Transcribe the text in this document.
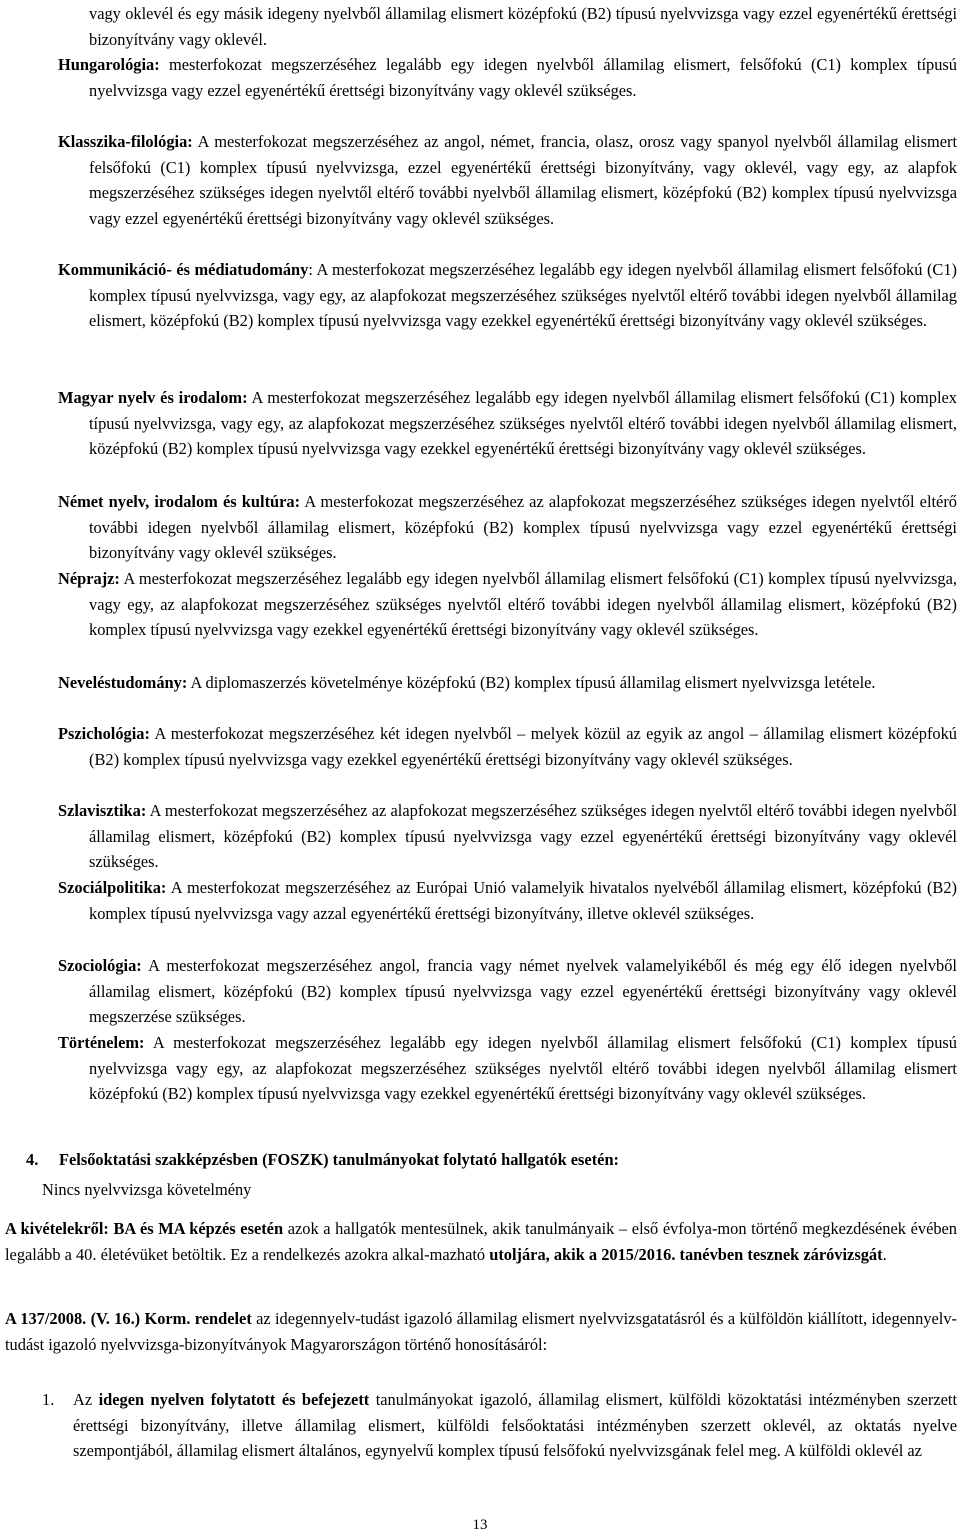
vagy oklevél és egy másik idegeny nyelvből államilag elismert középfokú (B2) típusú nyelvvizsga vagy ezzel egyenértékű érettségi bizonyítvány vagy oklevél.
Hungarológia: mesterfokozat megszerzéséhez legalább egy idegen nyelvből államilag elismert, felsőfokú (C1) komplex típusú nyelvvizsga vagy ezzel egyenértékű érettségi bizonyítvány vagy oklevél szükséges.
Klasszika-filológia: A mesterfokozat megszerzéséhez az angol, német, francia, olasz, orosz vagy spanyol nyelvből államilag elismert felsőfokú (C1) komplex típusú nyelvvizsga, ezzel egyenértékű érettségi bizonyítvány, vagy oklevél, vagy egy, az alapfok megszerzéséhez szükséges idegen nyelvtől eltérő további nyelvből államilag elismert, középfokú (B2) komplex típusú nyelvvizsga vagy ezzel egyenértékű érettségi bizonyítvány vagy oklevél szükséges.
Kommunikáció- és médiatudomány: A mesterfokozat megszerzéséhez legalább egy idegen nyelvből államilag elismert felsőfokú (C1) komplex típusú nyelvvizsga, vagy egy, az alapfokozat megszerzéséhez szükséges nyelvtől eltérő további idegen nyelvből államilag elismert, középfokú (B2) komplex típusú nyelvvizsga vagy ezekkel egyenértékű érettségi bizonyítvány vagy oklevél szükséges.
Magyar nyelv és irodalom: A mesterfokozat megszerzéséhez legalább egy idegen nyelvből államilag elismert felsőfokú (C1) komplex típusú nyelvvizsga, vagy egy, az alapfokozat megszerzéséhez szükséges nyelvtől eltérő további idegen nyelvből államilag elismert, középfokú (B2) komplex típusú nyelvvizsga vagy ezekkel egyenértékű érettségi bizonyítvány vagy oklevél szükséges.
Német nyelv, irodalom és kultúra: A mesterfokozat megszerzéséhez az alapfokozat megszerzéséhez szükséges idegen nyelvtől eltérő további idegen nyelvből államilag elismert, középfokú (B2) komplex típusú nyelvvizsga vagy ezzel egyenértékű érettségi bizonyítvány vagy oklevél szükséges.
Néprajz: A mesterfokozat megszerzéséhez legalább egy idegen nyelvből államilag elismert felsőfokú (C1) komplex típusú nyelvvizsga, vagy egy, az alapfokozat megszerzéséhez szükséges nyelvtől eltérő további idegen nyelvből államilag elismert, középfokú (B2) komplex típusú nyelvvizsga vagy ezekkel egyenértékű érettségi bizonyítvány vagy oklevél szükséges.
Neveléstudomány: A diplomaszerzés követelménye középfokú (B2) komplex típusú államilag elismert nyelvvizsga letétele.
Pszichológia: A mesterfokozat megszerzéséhez két idegen nyelvből – melyek közül az egyik az angol – államilag elismert középfokú (B2) komplex típusú nyelvvizsga vagy ezekkel egyenértékű érettségi bizonyítvány vagy oklevél szükséges.
Szlavisztika: A mesterfokozat megszerzéséhez az alapfokozat megszerzéséhez szükséges idegen nyelvtől eltérő további idegen nyelvből államilag elismert, középfokú (B2) komplex típusú nyelvvizsga vagy ezzel egyenértékű érettségi bizonyítvány vagy oklevél szükséges.
Szociálpolitika: A mesterfokozat megszerzéséhez az Európai Unió valamelyik hivatalos nyelvéből államilag elismert, középfokú (B2) komplex típusú nyelvvizsga vagy azzal egyenértékű érettségi bizonyítvány, illetve oklevél szükséges.
Szociológia: A mesterfokozat megszerzéséhez angol, francia vagy német nyelvek valamelyikéből és még egy élő idegen nyelvből államilag elismert, középfokú (B2) komplex típusú nyelvvizsga vagy ezzel egyenértékű érettségi bizonyítvány vagy oklevél megszerzése szükséges.
Történelem: A mesterfokozat megszerzéséhez legalább egy idegen nyelvből államilag elismert felsőfokú (C1) komplex típusú nyelvvizsga vagy egy, az alapfokozat megszerzéséhez szükséges nyelvtől eltérő további idegen nyelvből államilag elismert középfokú (B2) komplex típusú nyelvvizsga vagy ezekkel egyenértékű érettségi bizonyítvány vagy oklevél szükséges.
4. Felsőoktatási szakképzésben (FOSZK) tanulmányokat folytató hallgatók esetén:
Nincs nyelvvizsga követelmény
A kivételekről: BA és MA képzés esetén azok a hallgatók mentesülnek, akik tanulmányaik – első évfolya-mon történő megkezdésének évében legalább a 40. életévüket betöltik. Ez a rendelkezés azokra alkal-mazható utoljára, akik a 2015/2016. tanévben tesznek záróvizsgát.
A 137/2008. (V. 16.) Korm. rendelet az idegennyelv-tudást igazoló államilag elismert nyelvvizsgatatásról és a külföldön kiállított, idegennyelv-tudást igazoló nyelvvizsga-bizonyítványok Magyarországon történő honosításáról:
1. Az idegen nyelven folytatott és befejezett tanulmányokat igazoló, államilag elismert, külföldi közoktatási intézményben szerzett érettségi bizonyítvány, illetve államilag elismert, külföldi felsőoktatási intézményben szerzett oklevél, az oktatás nyelve szempontjából, államilag elismert általános, egynyelvű komplex típusú felsőfokú nyelvvizsgának felel meg. A külföldi oklevél az
13
